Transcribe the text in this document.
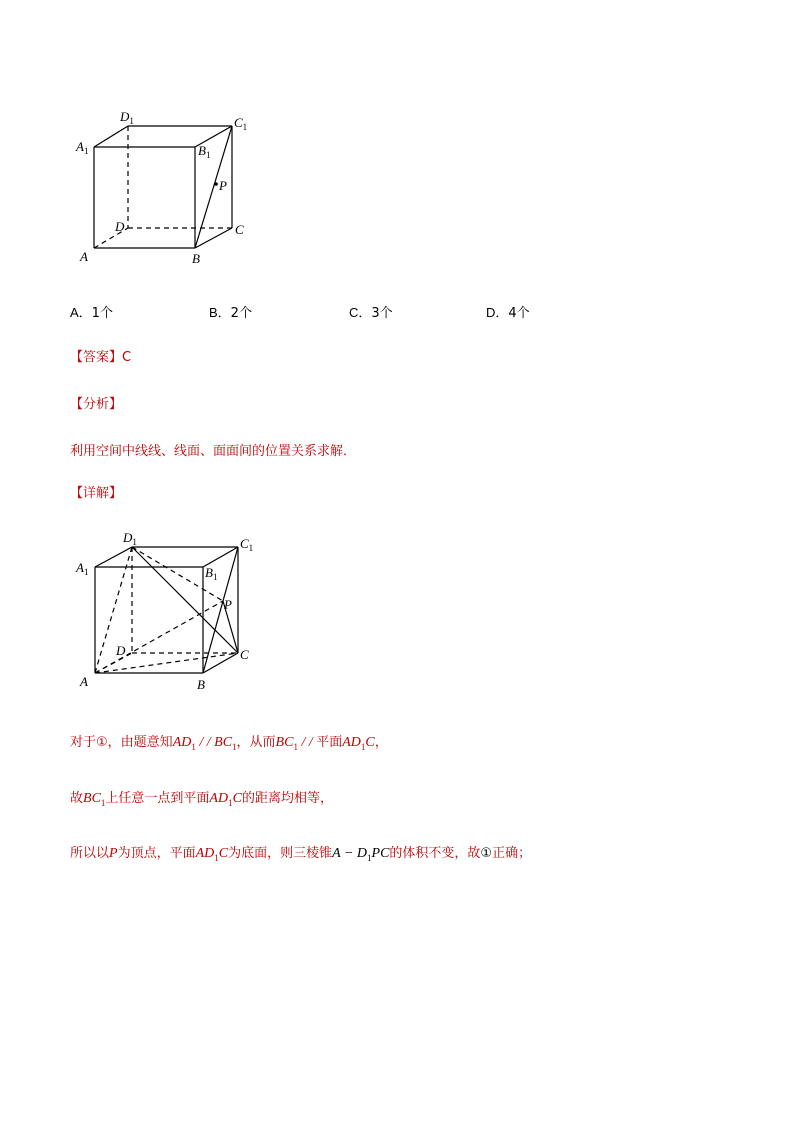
$D_1$	$C_1$
$A_1$	$B_1$
P
D	C
A	B
A．1个	B．2个	C．3个	D．4个
【答案】C
【分析】
利用空间中线线、线面、面面间的位置关系求解．
【详解】
$D_1$	$C_1$
$A_1$	$B_1$
P
D	C
A	B
对于①，由题意知$AD_1$ / / $BC_1$，从而$BC_1$ / / 平面$AD_1C$，
故$BC_1$上任意一点到平面$AD_1C$的距离均相等，
所以以P为顶点，平面$AD_1C$为底面，则三棱锥$A - D_1PC$的体积不变，故①正确；
